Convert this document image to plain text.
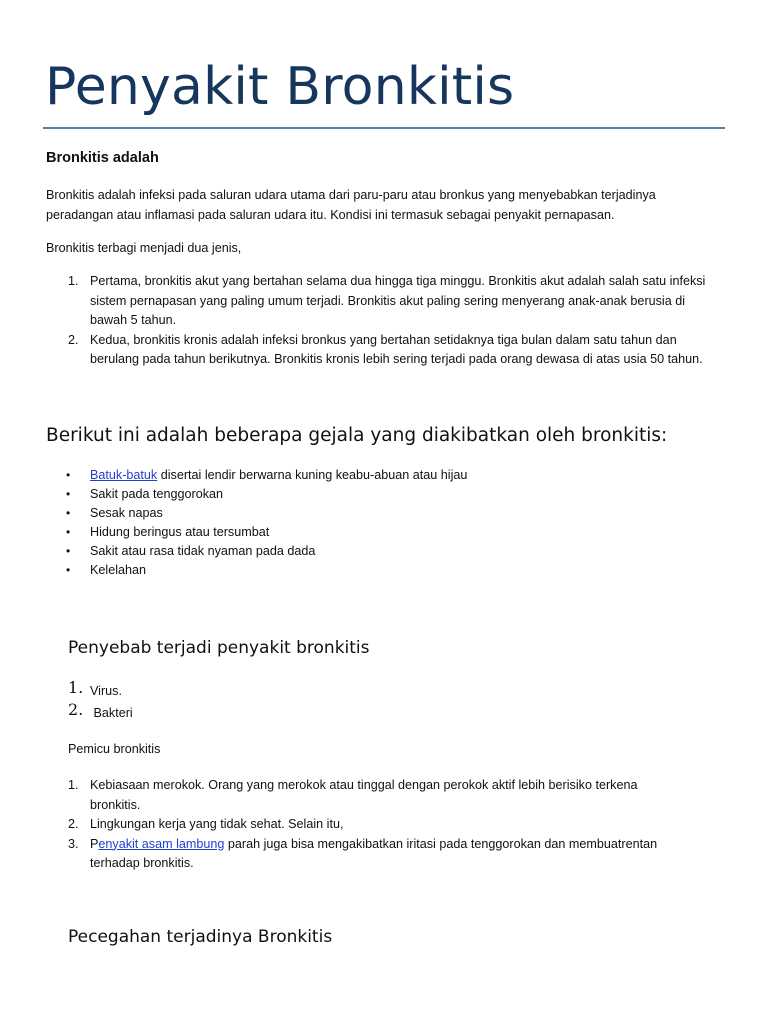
Penyakit Bronkitis
Bronkitis adalah

Bronkitis adalah infeksi pada saluran udara utama dari paru-paru atau bronkus yang menyebabkan terjadinya
peradangan atau inflamasi pada saluran udara itu. Kondisi ini termasuk sebagai penyakit pernapasan.

Bronkitis terbagi menjadi dua jenis,

1. Pertama, bronkitis akut yang bertahan selama dua hingga tiga minggu. Bronkitis akut adalah salah satu infeksi
sistem pernapasan yang paling umum terjadi. Bronkitis akut paling sering menyerang anak-anak berusia di
bawah 5 tahun.
2. Kedua, bronkitis kronis adalah infeksi bronkus yang bertahan setidaknya tiga bulan dalam satu tahun dan
berulang pada tahun berikutnya. Bronkitis kronis lebih sering terjadi pada orang dewasa di atas usia 50 tahun.
Berikut ini adalah beberapa gejala yang diakibatkan oleh bronkitis:
• Batuk-batuk disertai lendir berwarna kuning keabu-abuan atau hijau
• Sakit pada tenggorokan
• Sesak napas
• Hidung beringus atau tersumbat
• Sakit atau rasa tidak nyaman pada dada
• Kelelahan
Penyebab terjadi penyakit bronkitis
1. Virus.
2. Bakteri
Pemicu bronkitis
1. Kebiasaan merokok. Orang yang merokok atau tinggal dengan perokok aktif lebih berisiko terkena
bronkitis.
2. Lingkungan kerja yang tidak sehat. Selain itu,
3. Penyakit asam lambung parah juga bisa mengakibatkan iritasi pada tenggorokan dan membuatrentan
terhadap bronkitis.
Pecegahan terjadinya Bronkitis
